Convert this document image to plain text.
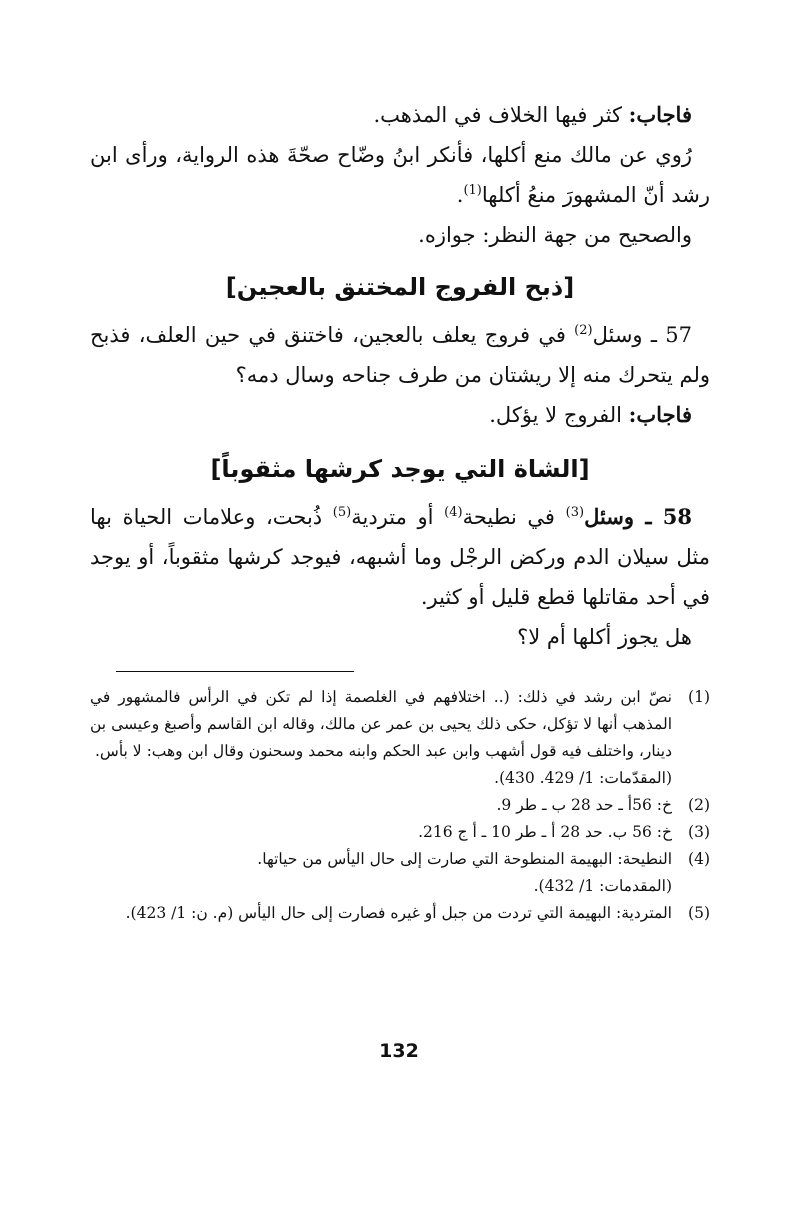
فاجاب: كثر فيها الخلاف في المذهب.

رُوي عن مالك منع أكلها، فأنكر ابنُ وضّاح صحّةَ هذه الرواية، ورأى ابن رشد أنّ المشهورَ منعُ أكلها$^{(1)}$.

والصحيح من جهة النظر: جوازه.

[ذبح الفروج المختنق بالعجين]

57 ـ وسئل$^{(2)}$ في فروج يعلف بالعجين، فاختنق في حين العلف، فذبح ولم يتحرك منه إلا ريشتان من طرف جناحه وسال دمه؟

فاجاب: الفروج لا يؤكل.

[الشاة التي يوجد كرشها مثقوباً]

58 ـ وسئل$^{(3)}$ في نطيحة$^{(4)}$ أو متردية$^{(5)}$ ذُبحت، وعلامات الحياة بها مثل سيلان الدم وركض الرجْل وما أشبهه، فيوجد كرشها مثقوباً، أو يوجد في أحد مقاتلها قطع قليل أو كثير.

هل يجوز أكلها أم لا؟

(1)
نصّ ابن رشد في ذلك: (.. اختلافهم في الغلصمة إذا لم تكن في الرأس فالمشهور في المذهب أنها لا تؤكل، حكى ذلك يحيى بن عمر عن مالك، وقاله ابن القاسم وأصبغ وعيسى بن دينار، واختلف فيه قول أشهب وابن عبد الحكم وابنه محمد وسحنون وقال ابن وهب: لا بأس.
(المقدّمات: 1/ 429. 430).
(2)
خ: 56أ ـ حد 28 ب ـ طر 9.
(3)
خ: 56 ب. حد 28 أ ـ طر 10 ـ أ ج 216.
(4)
النطيحة: البهيمة المنطوحة التي صارت إلى حال اليأس من حياتها.
(المقدمات: 1/ 432).
(5)
المتردية: البهيمة التي تردت من جبل أو غيره فصارت إلى حال اليأس (م. ن: 1/ 423).
132
